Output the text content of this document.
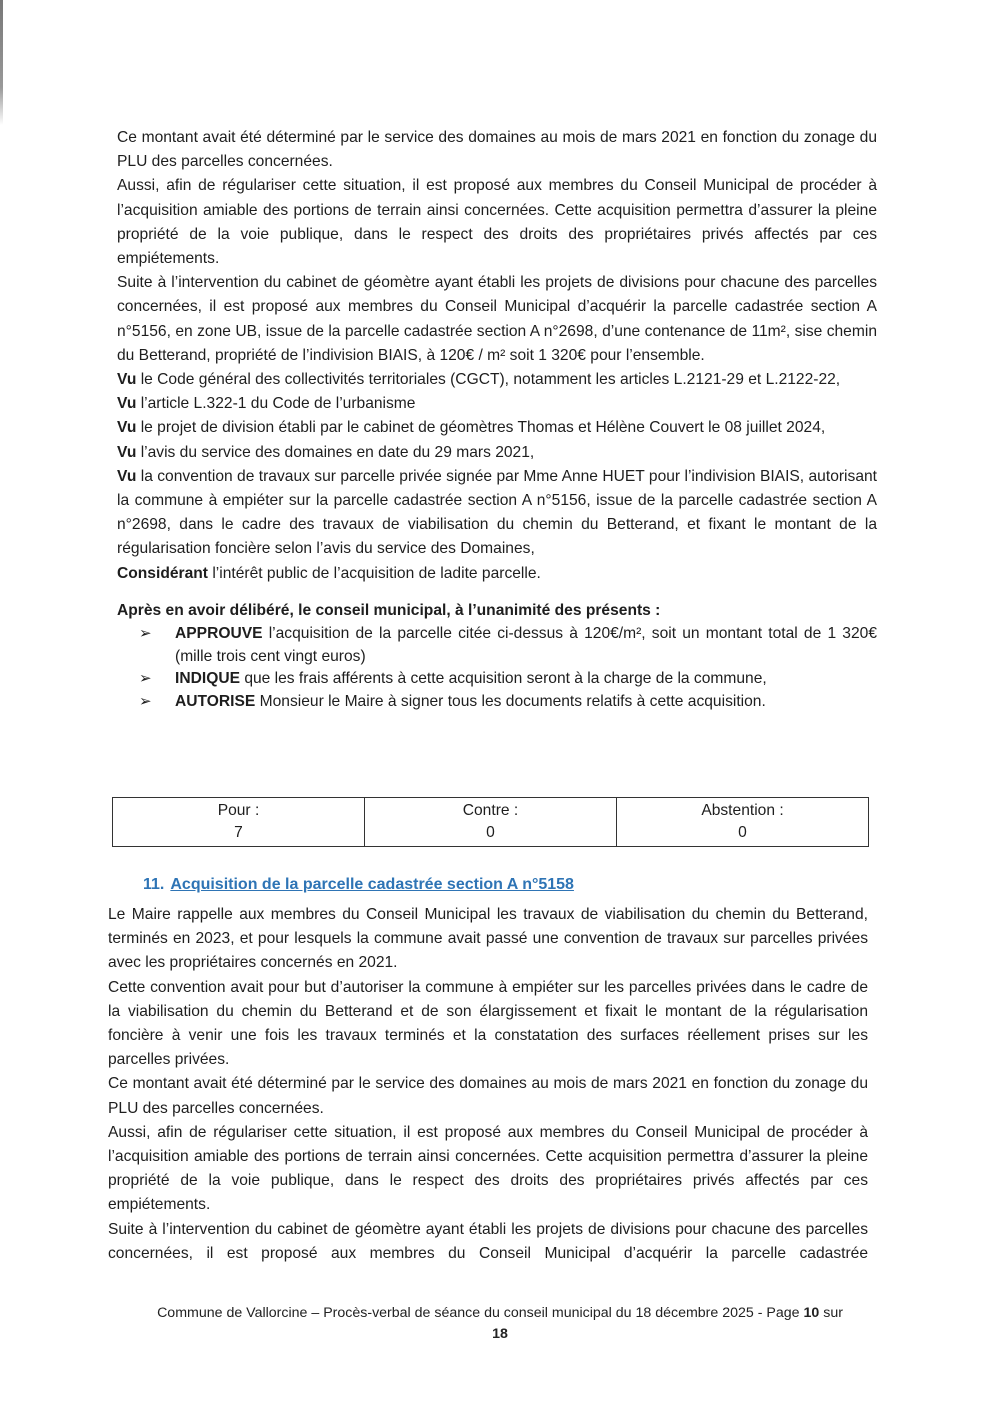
Ce montant avait été déterminé par le service des domaines au mois de mars 2021 en fonction du zonage du PLU des parcelles concernées.

Aussi, afin de régulariser cette situation, il est proposé aux membres du Conseil Municipal de procéder à l’acquisition amiable des portions de terrain ainsi concernées. Cette acquisition permettra d’assurer la pleine propriété de la voie publique, dans le respect des droits des propriétaires privés affectés par ces empiétements.

Suite à l’intervention du cabinet de géomètre ayant établi les projets de divisions pour chacune des parcelles concernées, il est proposé aux membres du Conseil Municipal d’acquérir la parcelle cadastrée section A n°5156, en zone UB, issue de la parcelle cadastrée section A n°2698, d’une contenance de 11m², sise chemin du Betterand, propriété de l’indivision BIAIS, à 120€ / m² soit 1 320€ pour l’ensemble.

Vu le Code général des collectivités territoriales (CGCT), notamment les articles L.2121-29 et L.2122-22,

Vu l’article L.322-1 du Code de l’urbanisme

Vu le projet de division établi par le cabinet de géomètres Thomas et Hélène Couvert le 08 juillet 2024,

Vu l’avis du service des domaines en date du 29 mars 2021,

Vu la convention de travaux sur parcelle privée signée par Mme Anne HUET pour l’indivision BIAIS, autorisant la commune à empiéter sur la parcelle cadastrée section A n°5156, issue de la parcelle cadastrée section A n°2698, dans le cadre des travaux de viabilisation du chemin du Betterand, et fixant le montant de la régularisation foncière selon l’avis du service des Domaines,

Considérant l’intérêt public de l’acquisition de ladite parcelle.

Après en avoir délibéré, le conseil municipal, à l’unanimité des présents :

➢ APPROUVE l’acquisition de la parcelle citée ci-dessus à 120€/m², soit un montant total de 1 320€ (mille trois cent vingt euros)
➢ INDIQUE que les frais afférents à cette acquisition seront à la charge de la commune,
➢ AUTORISE Monsieur le Maire à signer tous les documents relatifs à cette acquisition.
Pour :
7

Contre :
0

Abstention :
0
11. Acquisition de la parcelle cadastrée section A n°5158

Le Maire rappelle aux membres du Conseil Municipal les travaux de viabilisation du chemin du Betterand, terminés en 2023, et pour lesquels la commune avait passé une convention de travaux sur parcelles privées avec les propriétaires concernés en 2021.

Cette convention avait pour but d’autoriser la commune à empiéter sur les parcelles privées dans le cadre de la viabilisation du chemin du Betterand et de son élargissement et fixait le montant de la régularisation foncière à venir une fois les travaux terminés et la constatation des surfaces réellement prises sur les parcelles privées.

Ce montant avait été déterminé par le service des domaines au mois de mars 2021 en fonction du zonage du PLU des parcelles concernées.

Aussi, afin de régulariser cette situation, il est proposé aux membres du Conseil Municipal de procéder à l’acquisition amiable des portions de terrain ainsi concernées. Cette acquisition permettra d’assurer la pleine propriété de la voie publique, dans le respect des droits des propriétaires privés affectés par ces empiétements.

Suite à l’intervention du cabinet de géomètre ayant établi les projets de divisions pour chacune des parcelles concernées, il est proposé aux membres du Conseil Municipal d’acquérir la parcelle cadastrée

Commune de Vallorcine – Procès-verbal de séance du conseil municipal du 18 décembre 2025 - Page 10 sur
18
